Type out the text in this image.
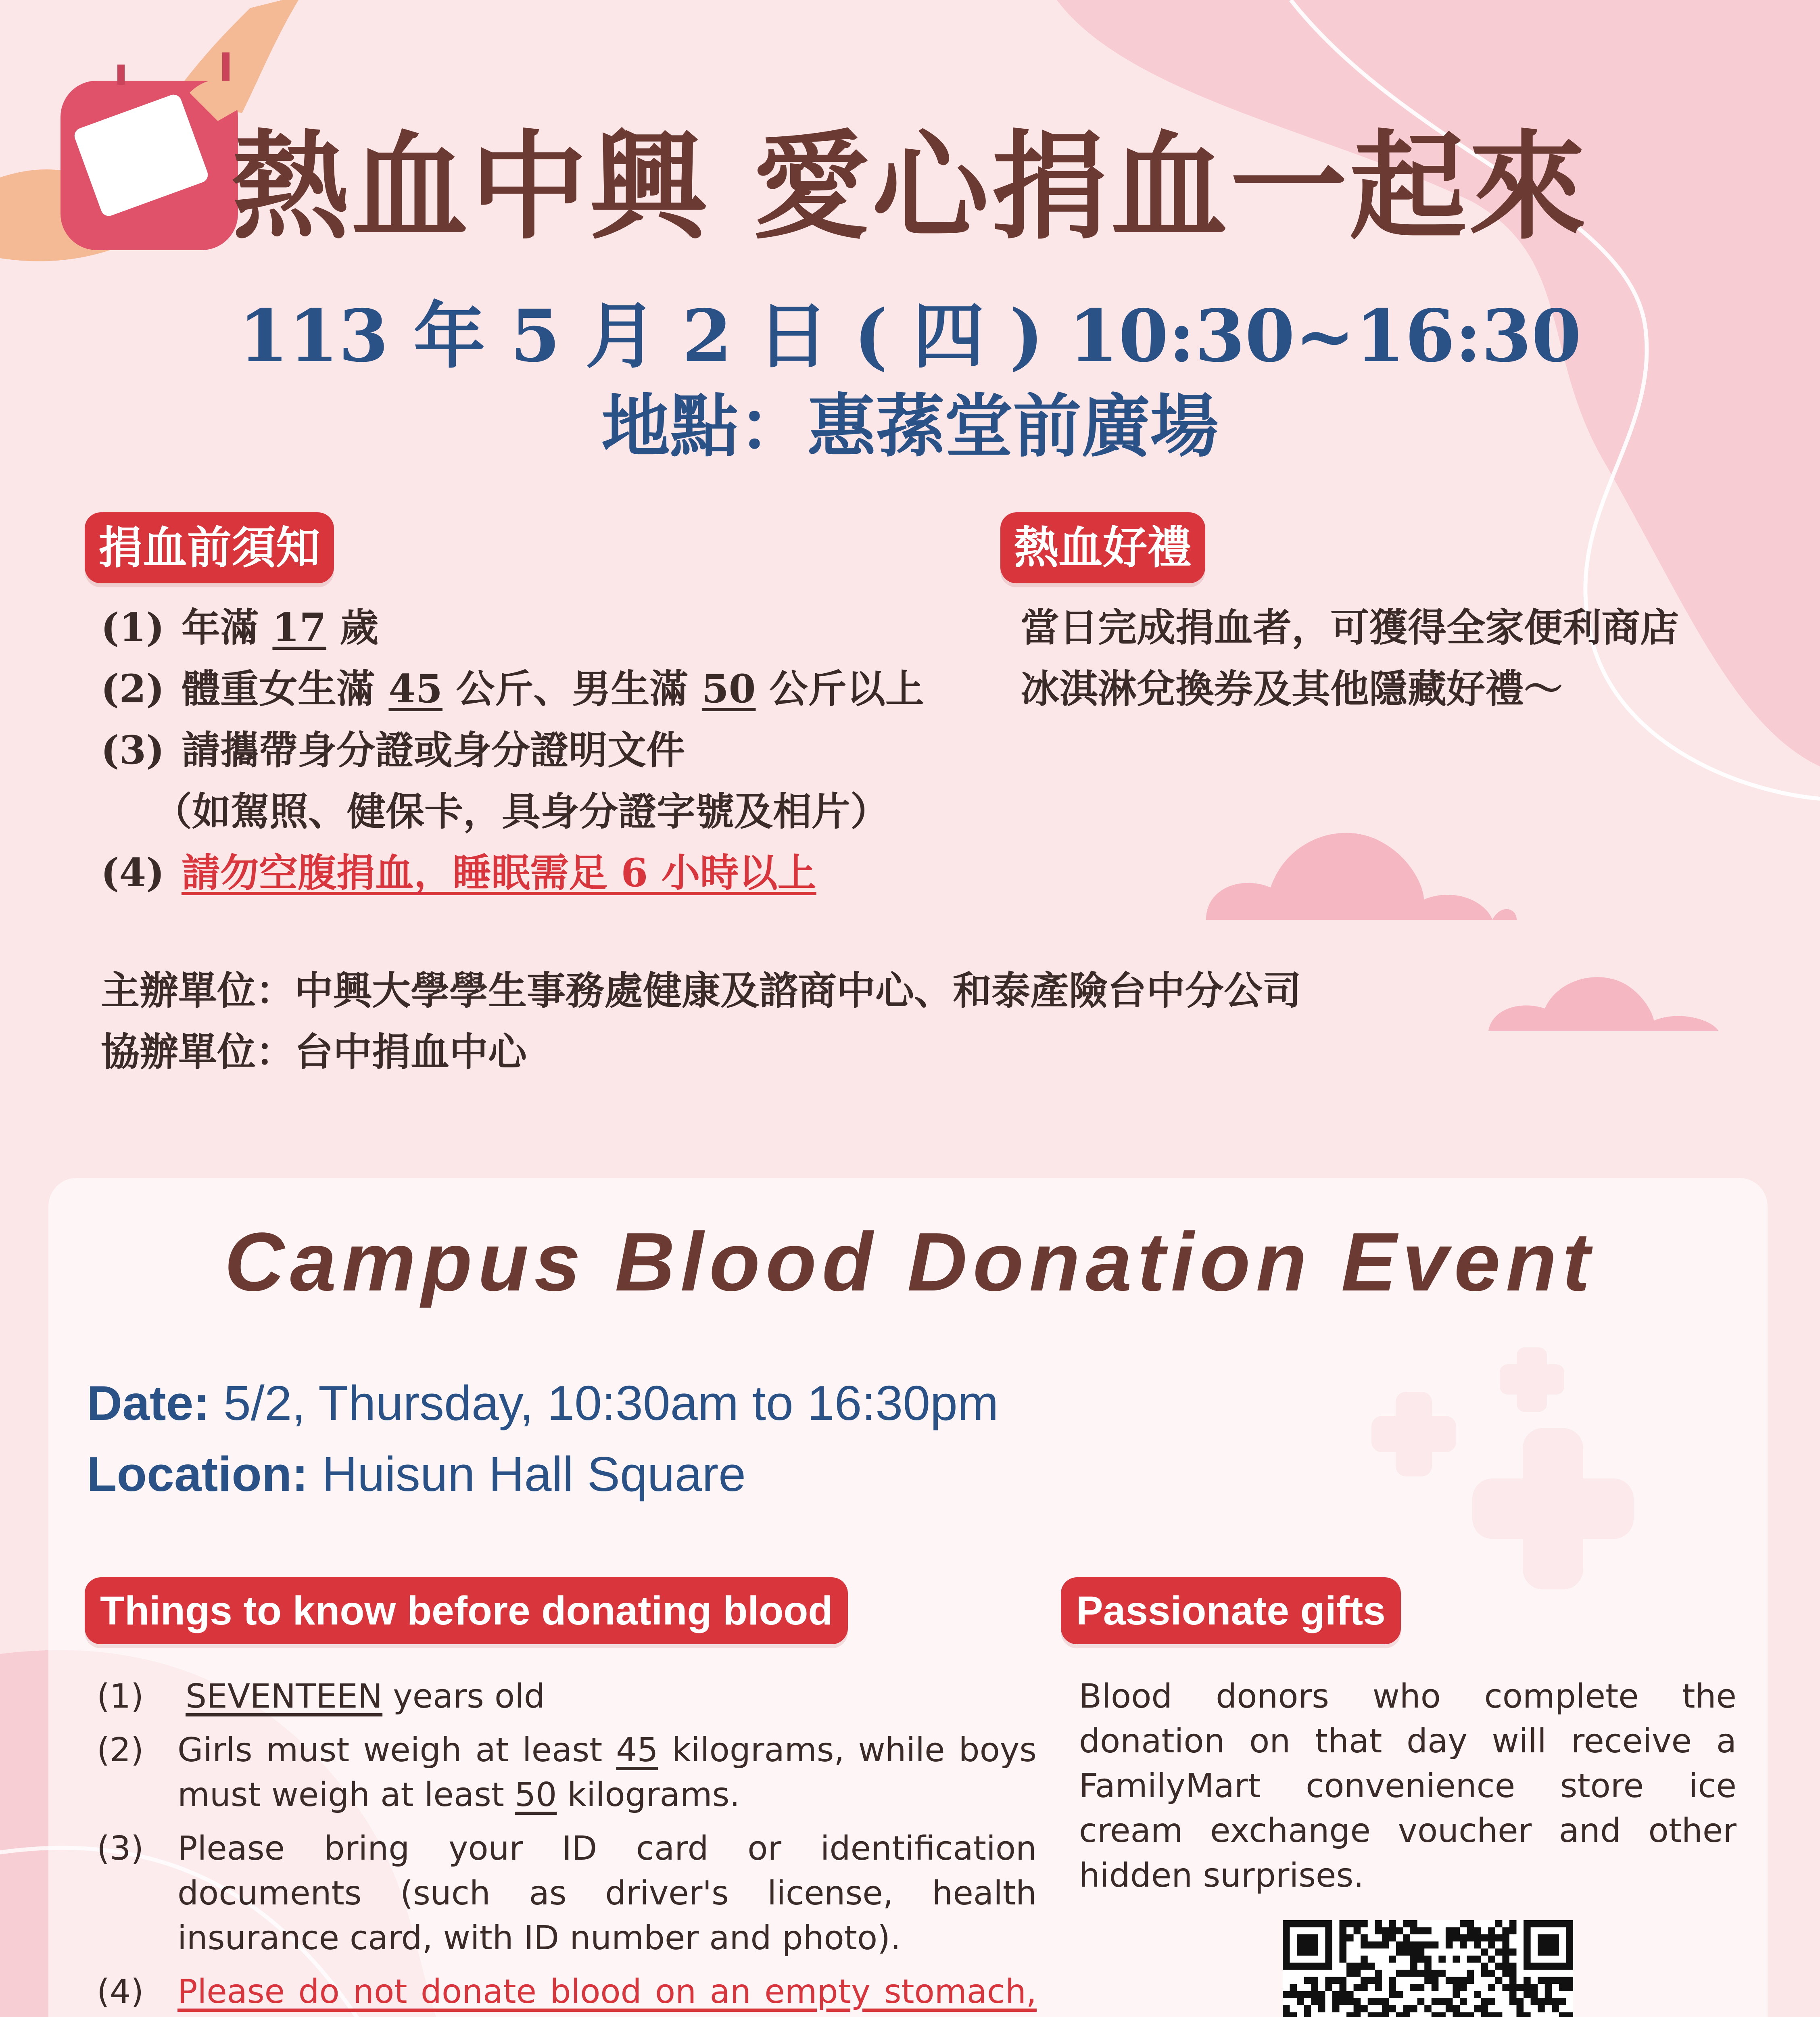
熱血中興 愛心捐血一起來
113 年 5 月 2 日 ( 四 ) 10:30~16:30
地點：惠蓀堂前廣場
捐血前須知
(1) 年滿 17 歲
(2) 體重女生滿 45 公斤、男生滿 50 公斤以上
(3) 請攜帶身分證或身分證明文件
（如駕照、健保卡，具身分證字號及相片）
(4) 請勿空腹捐血，睡眠需足 6 小時以上
熱血好禮
當日完成捐血者，可獲得全家便利商店
冰淇淋兌換券及其他隱藏好禮～
主辦單位：中興大學學生事務處健康及諮商中心、和泰產險台中分公司
協辦單位：台中捐血中心
Campus Blood Donation Event
Date: 5/2, Thursday, 10:30am to 16:30pm
Location: Huisun Hall Square
Things to know before donating blood	Passionate gifts
(1) SEVENTEEN years old
(2) Girls must weigh at least 45 kilograms, while boys must weigh at least 50 kilograms.
(3) Please bring your ID card or identification documents (such as driver's license, health insurance card, with ID number and photo).
(4) Please do not donate blood on an empty stomach,
Blood donors who complete the donation on that day will receive a FamilyMart convenience store ice cream exchange voucher and other hidden surprises.
